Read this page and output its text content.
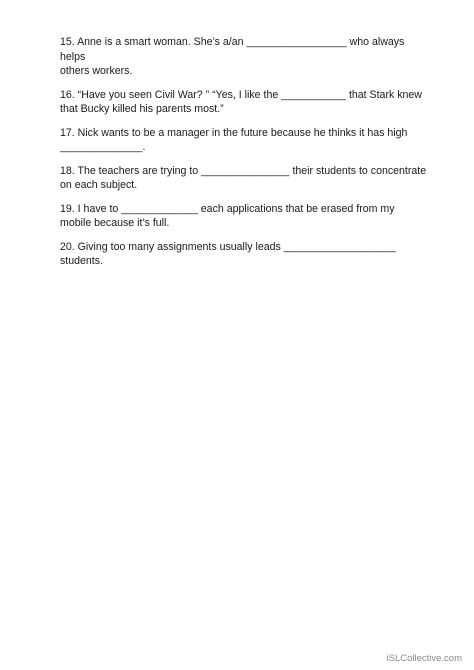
15. Anne is a smart woman. She’s a/an _________________ who always helps
others workers.

16. “Have you seen Civil War? ” “Yes, I like the ___________ that Stark knew
that Bucky killed his parents most.”

17. Nick wants to be a manager in the future because he thinks it has high
______________.

18. The teachers are trying to _______________ their students to concentrate
on each subject.

19. I have to _____________ each applications that be erased from my
mobile because it’s full.

20. Giving too many assignments usually leads ___________________
students.

iSLCollective.com
